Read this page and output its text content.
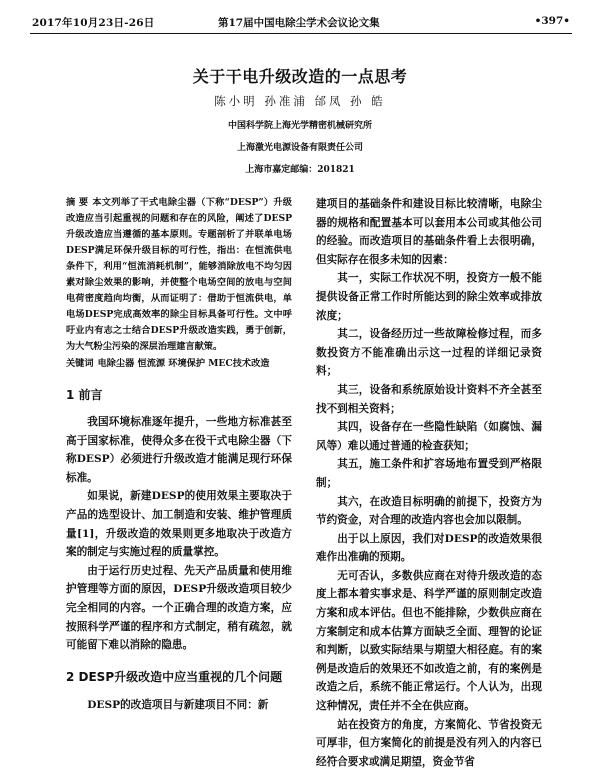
2017年10月23日-26日	第17届中国电除尘学术会议论文集	•397•
关于干电升级改造的一点思考
陈小明 孙准浦 邰凤 孙 皓
中国科学院上海光学精密机械研究所
上海激光电源设备有限责任公司
上海市嘉定邮编：201821

摘 要 本文列举了干式电除尘器（下称“DESP”）升级改造应当引起重视的问题和存在的风险，阐述了DESP升级改造应当遵循的基本原则。专题剖析了并联单电场DESP满足环保升级目标的可行性，指出：在恒流供电条件下，利用“恒流消耗机制”，能够消除放电不均匀因素对除尘效果的影响，并使整个电场空间的放电与空间电荷密度趋向均衡，从而证明了：借助于恒流供电，单电场DESP完成高效率的除尘目标具备可行性。文中呼吁业内有志之士结合DESP升级改造实践，勇于创新，为大气粉尘污染的深层治理建言献策。

关键词 电除尘器 恒流源 环境保护 MEC技术改造

1 前言

我国环境标准逐年提升，一些地方标准甚至高于国家标准，使得众多在役干式电除尘器（下称DESP）必须进行升级改造才能满足现行环保标准。

如果说，新建DESP的使用效果主要取决于产品的选型设计、加工制造和安装、维护管理质量[1]，升级改造的效果则更多地取决于改造方案的制定与实施过程的质量掌控。

由于运行历史过程、先天产品质量和使用维护管理等方面的原因，DESP升级改造项目较少完全相同的内容。一个正确合理的改造方案，应按照科学严谨的程序和方式制定，稍有疏忽，就可能留下难以消除的隐患。

2 DESP升级改造中应当重视的几个问题

DESP的改造项目与新建项目不同：新

建项目的基础条件和建设目标比较清晰，电除尘器的规格和配置基本可以套用本公司或其他公司的经验。而改造项目的基础条件看上去很明确，但实际存在很多未知的因素：

其一，实际工作状况不明，投资方一般不能提供设备正常工作时所能达到的除尘效率或排放浓度；

其二，设备经历过一些故障检修过程，而多数投资方不能准确出示这一过程的详细记录资料；

其三，设备和系统原始设计资料不齐全甚至找不到相关资料；

其四，设备存在一些隐性缺陷（如腐蚀、漏风等）难以通过普通的检查获知；

其五，施工条件和扩容场地布置受到严格限制；

其六，在改造目标明确的前提下，投资方为节约资金，对合理的改造内容也会加以限制。

出于以上原因，我们对DESP的改造效果很难作出准确的预期。

无可否认，多数供应商在对待升级改造的态度上都本着实事求是、科学严谨的原则制定改造方案和成本评估。但也不能排除，少数供应商在方案制定和成本估算方面缺乏全面、理智的论证和判断，以致实际结果与期望大相径庭。有的案例是改造后的效果还不如改造之前，有的案例是改造之后，系统不能正常运行。个人认为，出现这种情况，责任并不全在供应商。

站在投资方的角度，方案简化、节省投资无可厚非，但方案简化的前提是没有列入的内容已经符合要求或满足期望，资金节省
